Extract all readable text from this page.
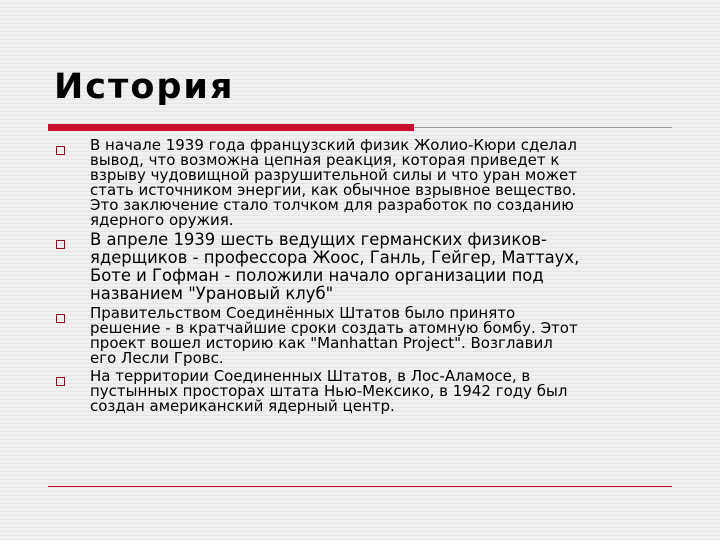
История
В начале 1939 года французский физик Жолио-Кюри сделал
вывод, что возможна цепная реакция, которая приведет к
взрыву чудовищной разрушительной силы и что уран может
стать источником энергии, как обычное взрывное вещество.
Это заключение стало толчком для разработок по созданию
ядерного оружия.
В апреле 1939 шесть ведущих германских физиков-
ядерщиков - профессора Жоос, Ганль, Гейгер, Маттаух,
Боте и Гофман - положили начало организации под
названием "Урановый клуб"
Правительством Соединённых Штатов было принято
решение - в кратчайшие сроки создать атомную бомбу. Этот
проект вошел историю как "Manhattan Project". Возглавил
его Лесли Гровс.
На территории Соединенных Штатов, в Лос-Аламосе, в
пустынных просторах штата Нью-Мексико, в 1942 году был
создан американский ядерный центр.
